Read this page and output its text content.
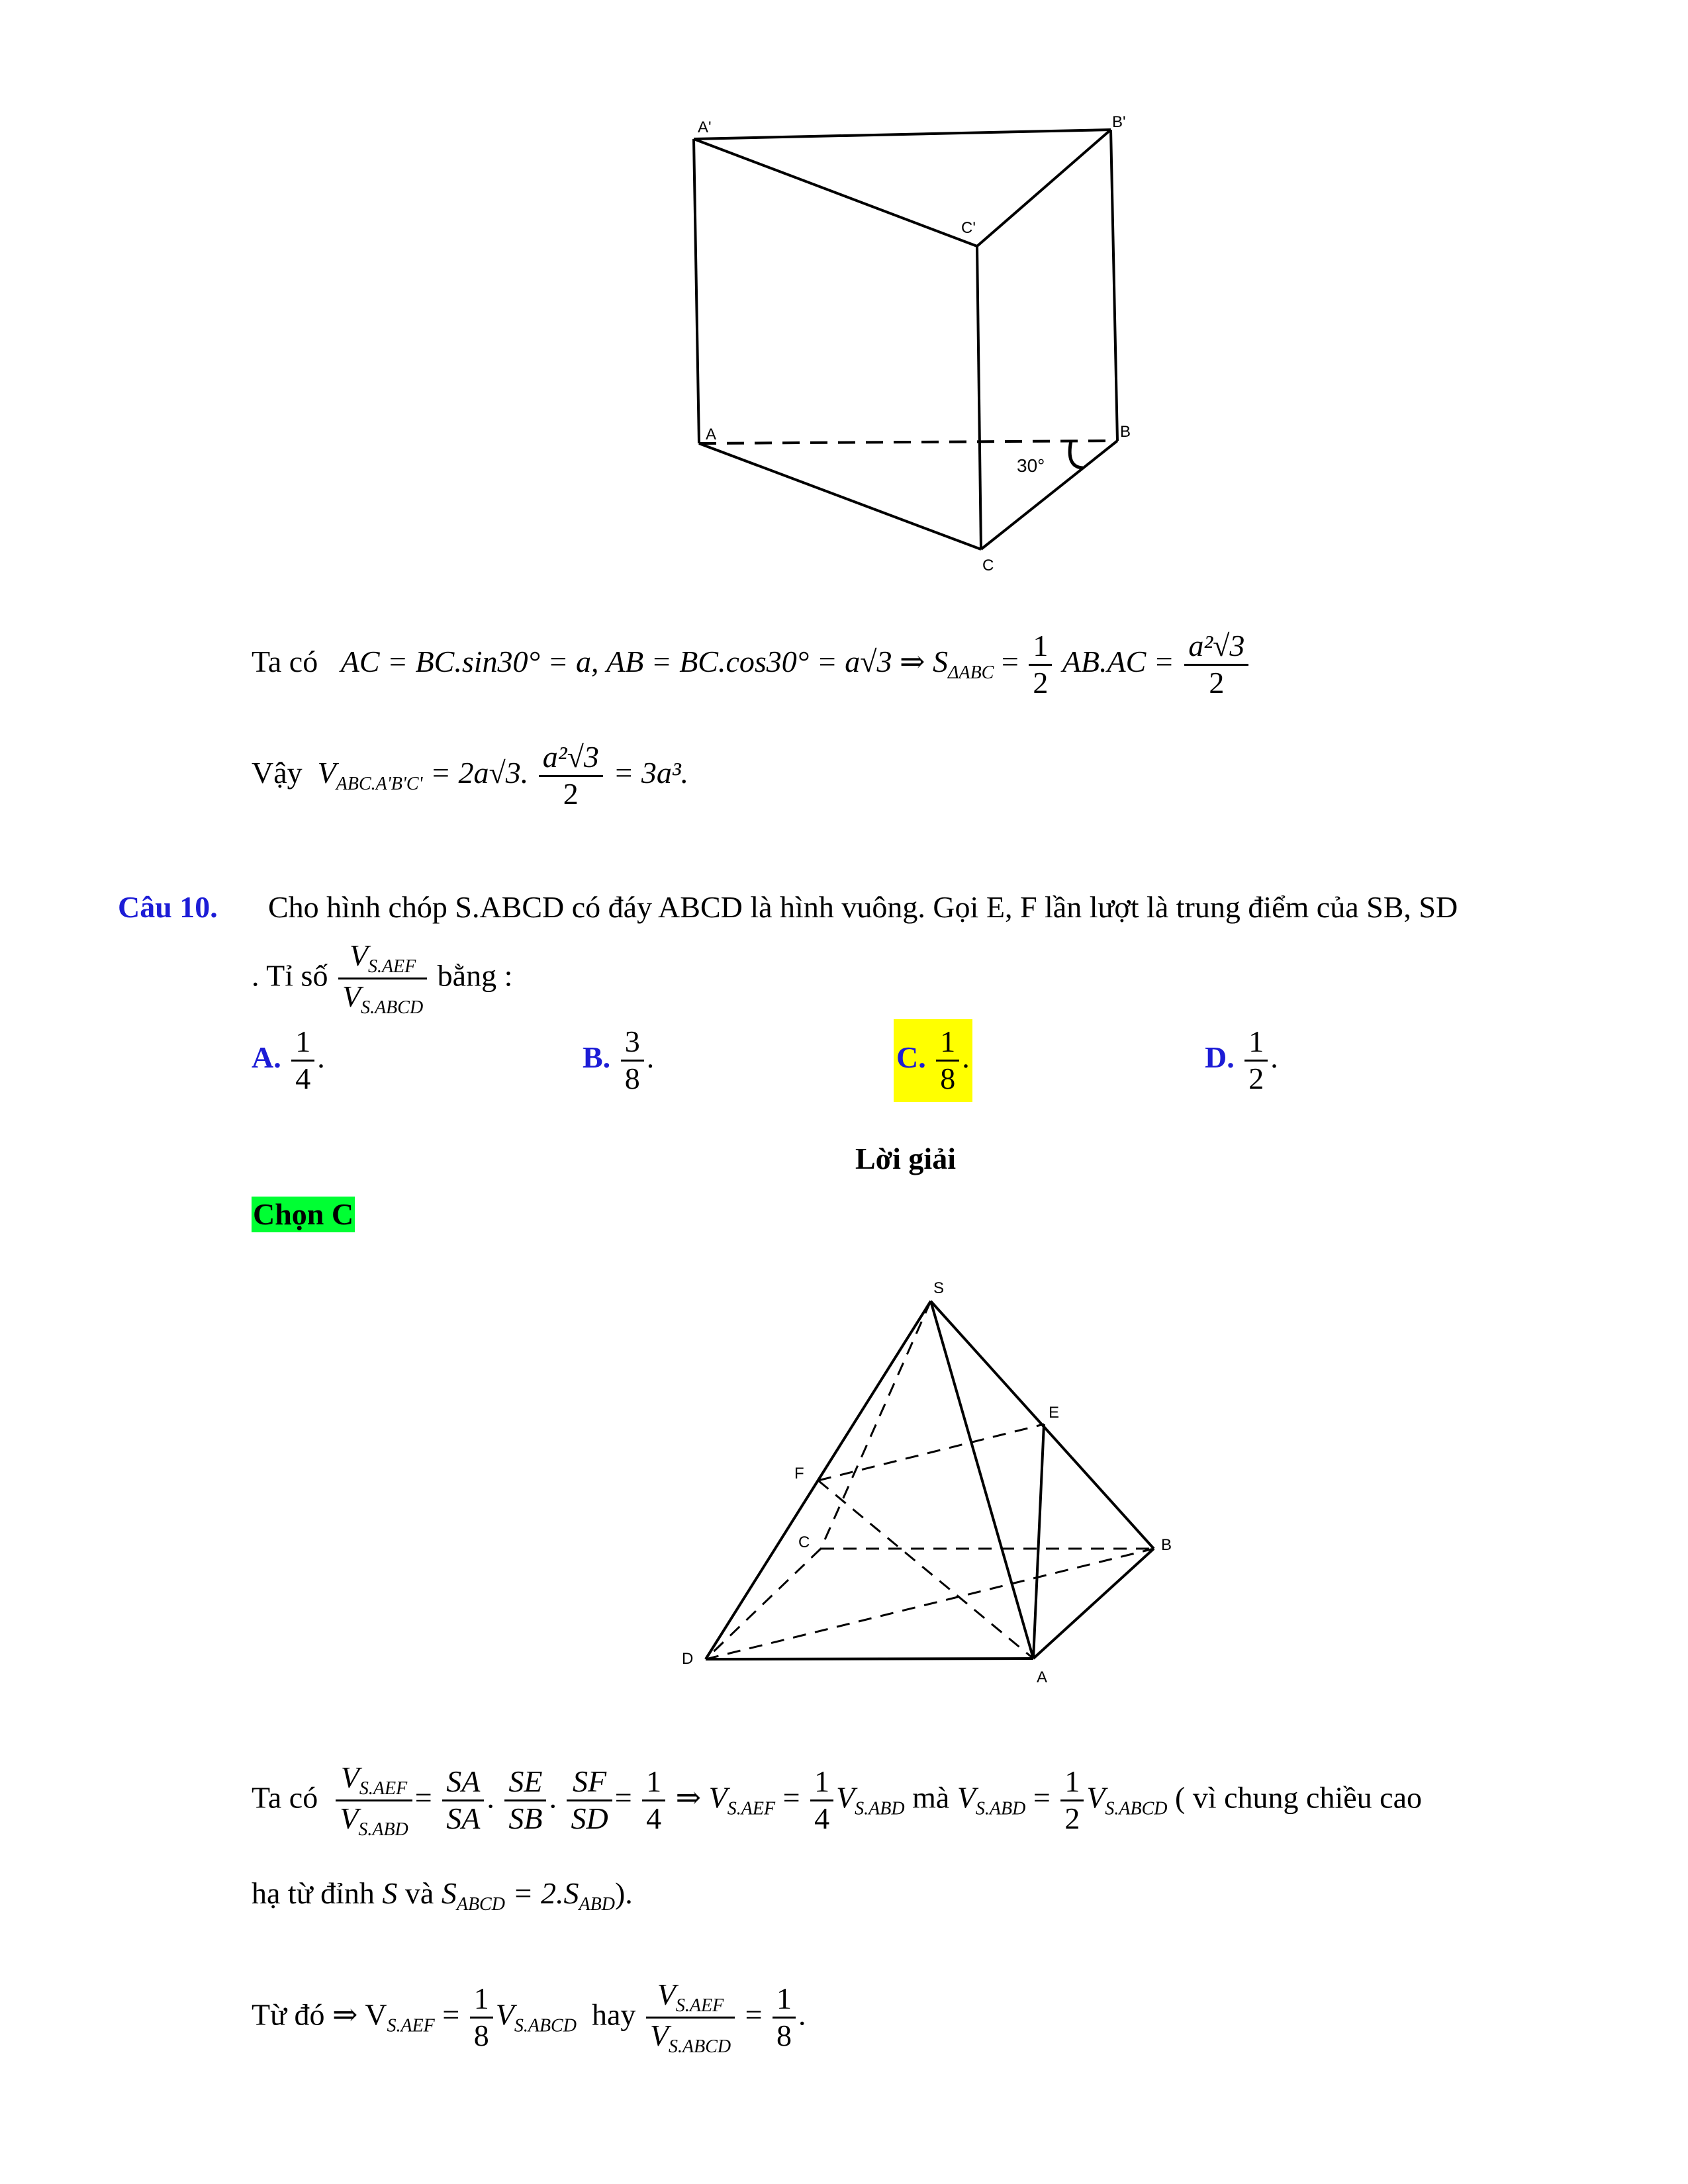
A'	B'
C'
A	B
C
30°
Ta có AC = BC.sin30° = a, AB = BC.cos30° = a√3 ⇒ $S_{\Delta ABC} = \frac{1}{2} AB.AC = \frac{\text{a²√3}}{2}$
Vậy $V_{ABC.A'B'C'} = 2a√3$. $\frac{\text{a²√3}}{2} = 3a^3$.
Câu 10. Cho hình chóp S.ABCD có đáy ABCD là hình vuông. Gọi E, F lần lượt là trung điểm của SB, SD
. Tỉ số $\frac{V_{S.AEF}}{V_{S.ABCD}}$ bằng :
A. $\frac{1}{4}$ .	B. $\frac{3}{8}$ .	C. $\frac{1}{8}$ .	D. $\frac{1}{2}$ .
Lời giải
Chọn C
S
E
F
C	B
D
A
Ta có $\frac{V_{S.AEF}}{V_{S.ABD}} = \frac{SA}{SA}$ . $\frac{SE}{SB}$ . $\frac{SF}{SD} = \frac{1}{4}$ ⇒ $V_{S.AEF} = \frac{1}{4} V_{S.ABD}$ mà $V_{S.ABD} = \frac{1}{2} V_{S.ABCD}$ ( vì chung chiều cao
hạ từ đỉnh S và $S_{ABCD} = 2.S_{ABD}$).
Từ đó ⇒ $V_{S.AEF} = \frac{1}{8} V_{S.ABCD}$ hay $\frac{V_{S.AEF}}{V_{S.ABCD}} = \frac{1}{8}$ .
